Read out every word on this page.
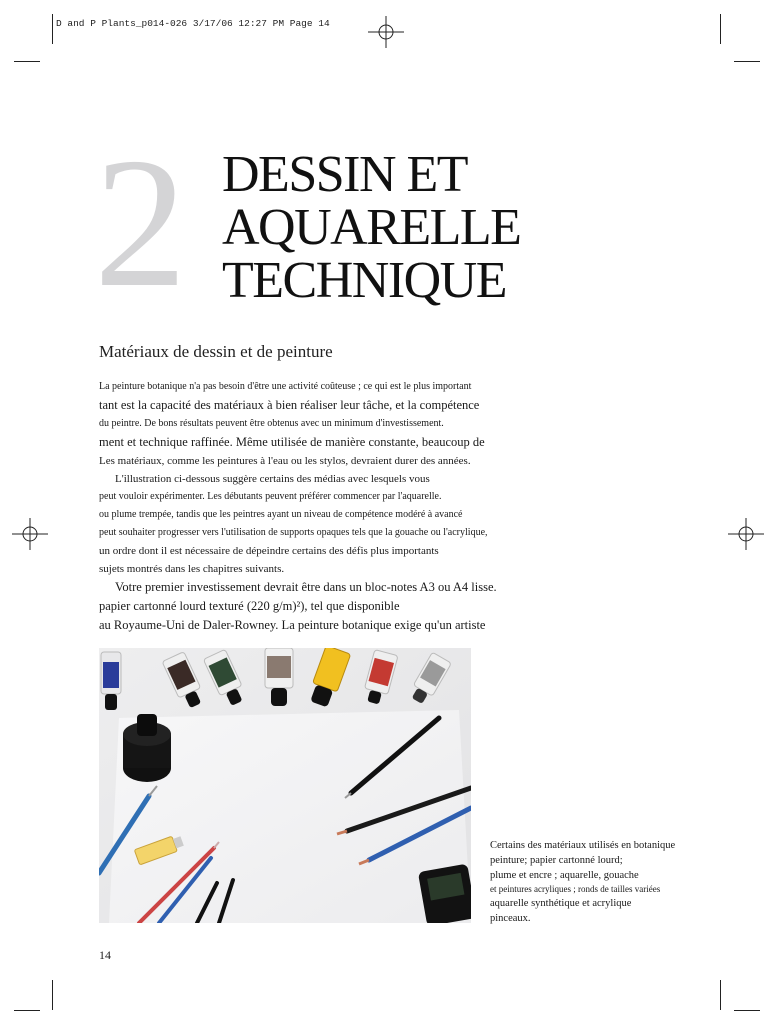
D and P Plants_p014-026 3/17/06 12:27 PM Page 14
2 DESSIN ET
AQUARELLE
TECHNIQUE
Matériaux de dessin et de peinture
La peinture botanique n'a pas besoin d'être une activité coûteuse ; ce qui est le plus important
tant est la capacité des matériaux à bien réaliser leur tâche, et la compétence
du peintre. De bons résultats peuvent être obtenus avec un minimum d'investissement.
ment et technique raffinée. Même utilisée de manière constante, beaucoup de
Les matériaux, comme les peintures à l'eau ou les stylos, devraient durer des années.
L'illustration ci-dessous suggère certains des médias avec lesquels vous
peut vouloir expérimenter. Les débutants peuvent préférer commencer par l'aquarelle.
ou plume trempée, tandis que les peintres ayant un niveau de compétence modéré à avancé
peut souhaiter progresser vers l'utilisation de supports opaques tels que la gouache ou l'acrylique,
un ordre dont il est nécessaire de dépeindre certains des défis plus importants
sujets montrés dans les chapitres suivants.
Votre premier investissement devrait être dans un bloc-notes A3 ou A4 lisse.
papier cartonné lourd texturé (220 g/m)²), tel que disponible
au Royaume-Uni de Daler-Rowney. La peinture botanique exige qu'un artiste
Certains des matériaux utilisés en botanique
peinture; papier cartonné lourd;
plume et encre ; aquarelle, gouache
et peintures acryliques ; ronds de tailles variées
aquarelle synthétique et acrylique
pinceaux.
14
